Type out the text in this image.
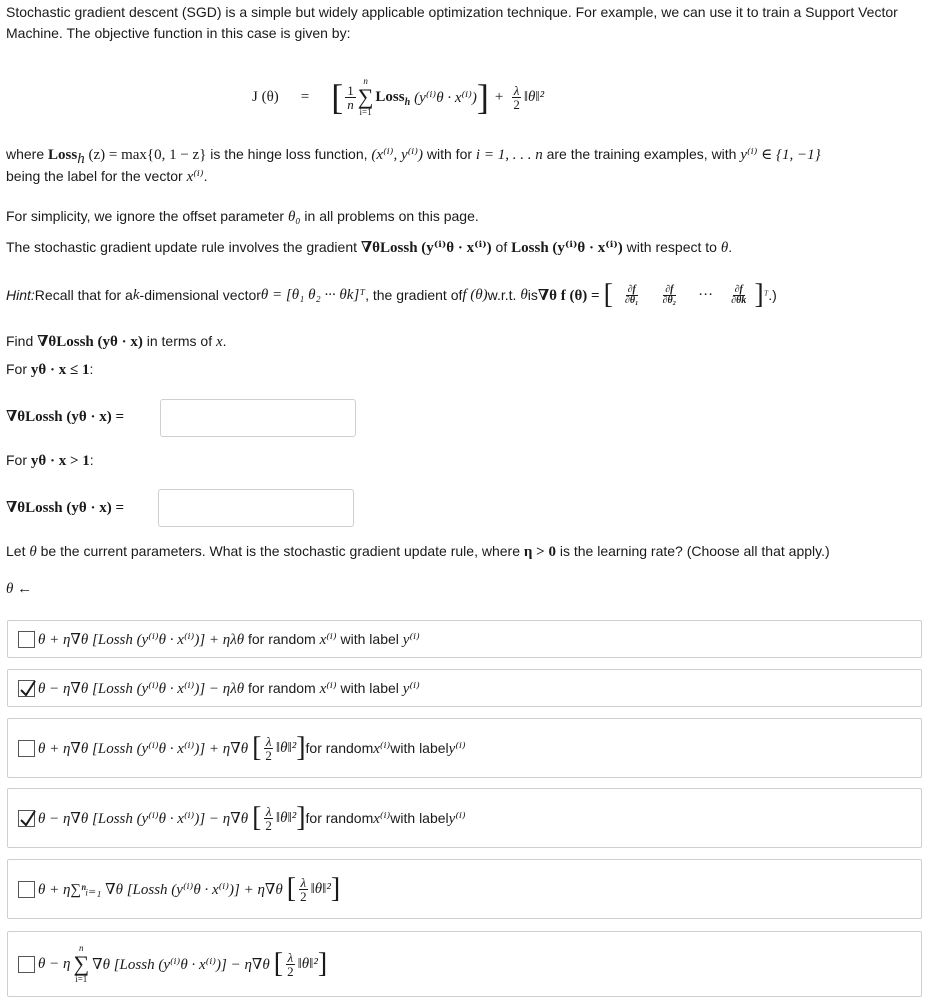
Stochastic gradient descent (SGD) is a simple but widely applicable optimization technique. For example, we can use it to train a Support Vector
Machine. The objective function in this case is given by:
J (θ) = [ $\frac{1}{n}$
n
∑
i=1
Loss$_h$ (y⁽ⁱ⁾θ · x⁽ⁱ⁾) ] + $\frac{\lambda}{2}$ ‖θ‖²
where Loss$_h$ (z) = max{0, 1 − z} is the hinge loss function, (x⁽ⁱ⁾, y⁽ⁱ⁾) with for i = 1, . . . n are the training examples, with y⁽ⁱ⁾ ∈ {1, −1}
being the label for the vector x⁽ⁱ⁾.
For simplicity, we ignore the offset parameter θ₀ in all problems on this page.
The stochastic gradient update rule involves the gradient ∇θLossh (y⁽ⁱ⁾θ · x⁽ⁱ⁾) of Lossh (y⁽ⁱ⁾θ · x⁽ⁱ⁾) with respect to θ.
Hint: Recall that for a k -dimensional vector θ = [θ₁ θ₂ ··· θk]ᵀ , the gradient of f (θ) w.r.t.
θ is ∇θ f (θ) = [ $\frac{\partial f}{\text{∂θ₁}} \frac{\partial f}{\text{∂θ₂}}$ ··· $\frac{\partial f}{\partial\theta k}$ ] ᵀ .)
Find ∇θLossh (yθ · x) in terms of x.
For yθ · x ≤ 1:
∇θLossh (yθ · x) =
For yθ · x > 1:
∇θLossh (yθ · x) =
Let θ be the current parameters. What is the stochastic gradient update rule, where η > 0 is the learning rate? (Choose all that apply.)
θ ←
θ + η∇θ [Lossh (y⁽ⁱ⁾θ · x⁽ⁱ⁾)] + ηλθ for random x⁽ⁱ⁾ with label y⁽ⁱ⁾
θ − η∇θ [Lossh (y⁽ⁱ⁾θ · x⁽ⁱ⁾)] − ηλθ for random x⁽ⁱ⁾ with label y⁽ⁱ⁾
θ + η∇θ [Lossh (y⁽ⁱ⁾θ · x⁽ⁱ⁾)] + η∇θ [ $\frac{\lambda}{2}$ ‖θ‖² ] for random x⁽ⁱ⁾ with label y⁽ⁱ⁾
θ − η∇θ [Lossh (y⁽ⁱ⁾θ · x⁽ⁱ⁾)] − η∇θ [ $\frac{\lambda}{2}$ ‖θ‖² ] for random x⁽ⁱ⁾ with label y⁽ⁱ⁾
θ + η∑ⁿᵢ₌₁ ∇θ [Lossh (y⁽ⁱ⁾θ · x⁽ⁱ⁾)] + η∇θ [ $\frac{\lambda}{2}$ ‖θ‖² ]
θ − η
n
∑
i=1
∇θ [Lossh (y⁽ⁱ⁾θ · x⁽ⁱ⁾)] − η∇θ [ $\frac{\lambda}{2}$ ‖θ‖² ]
